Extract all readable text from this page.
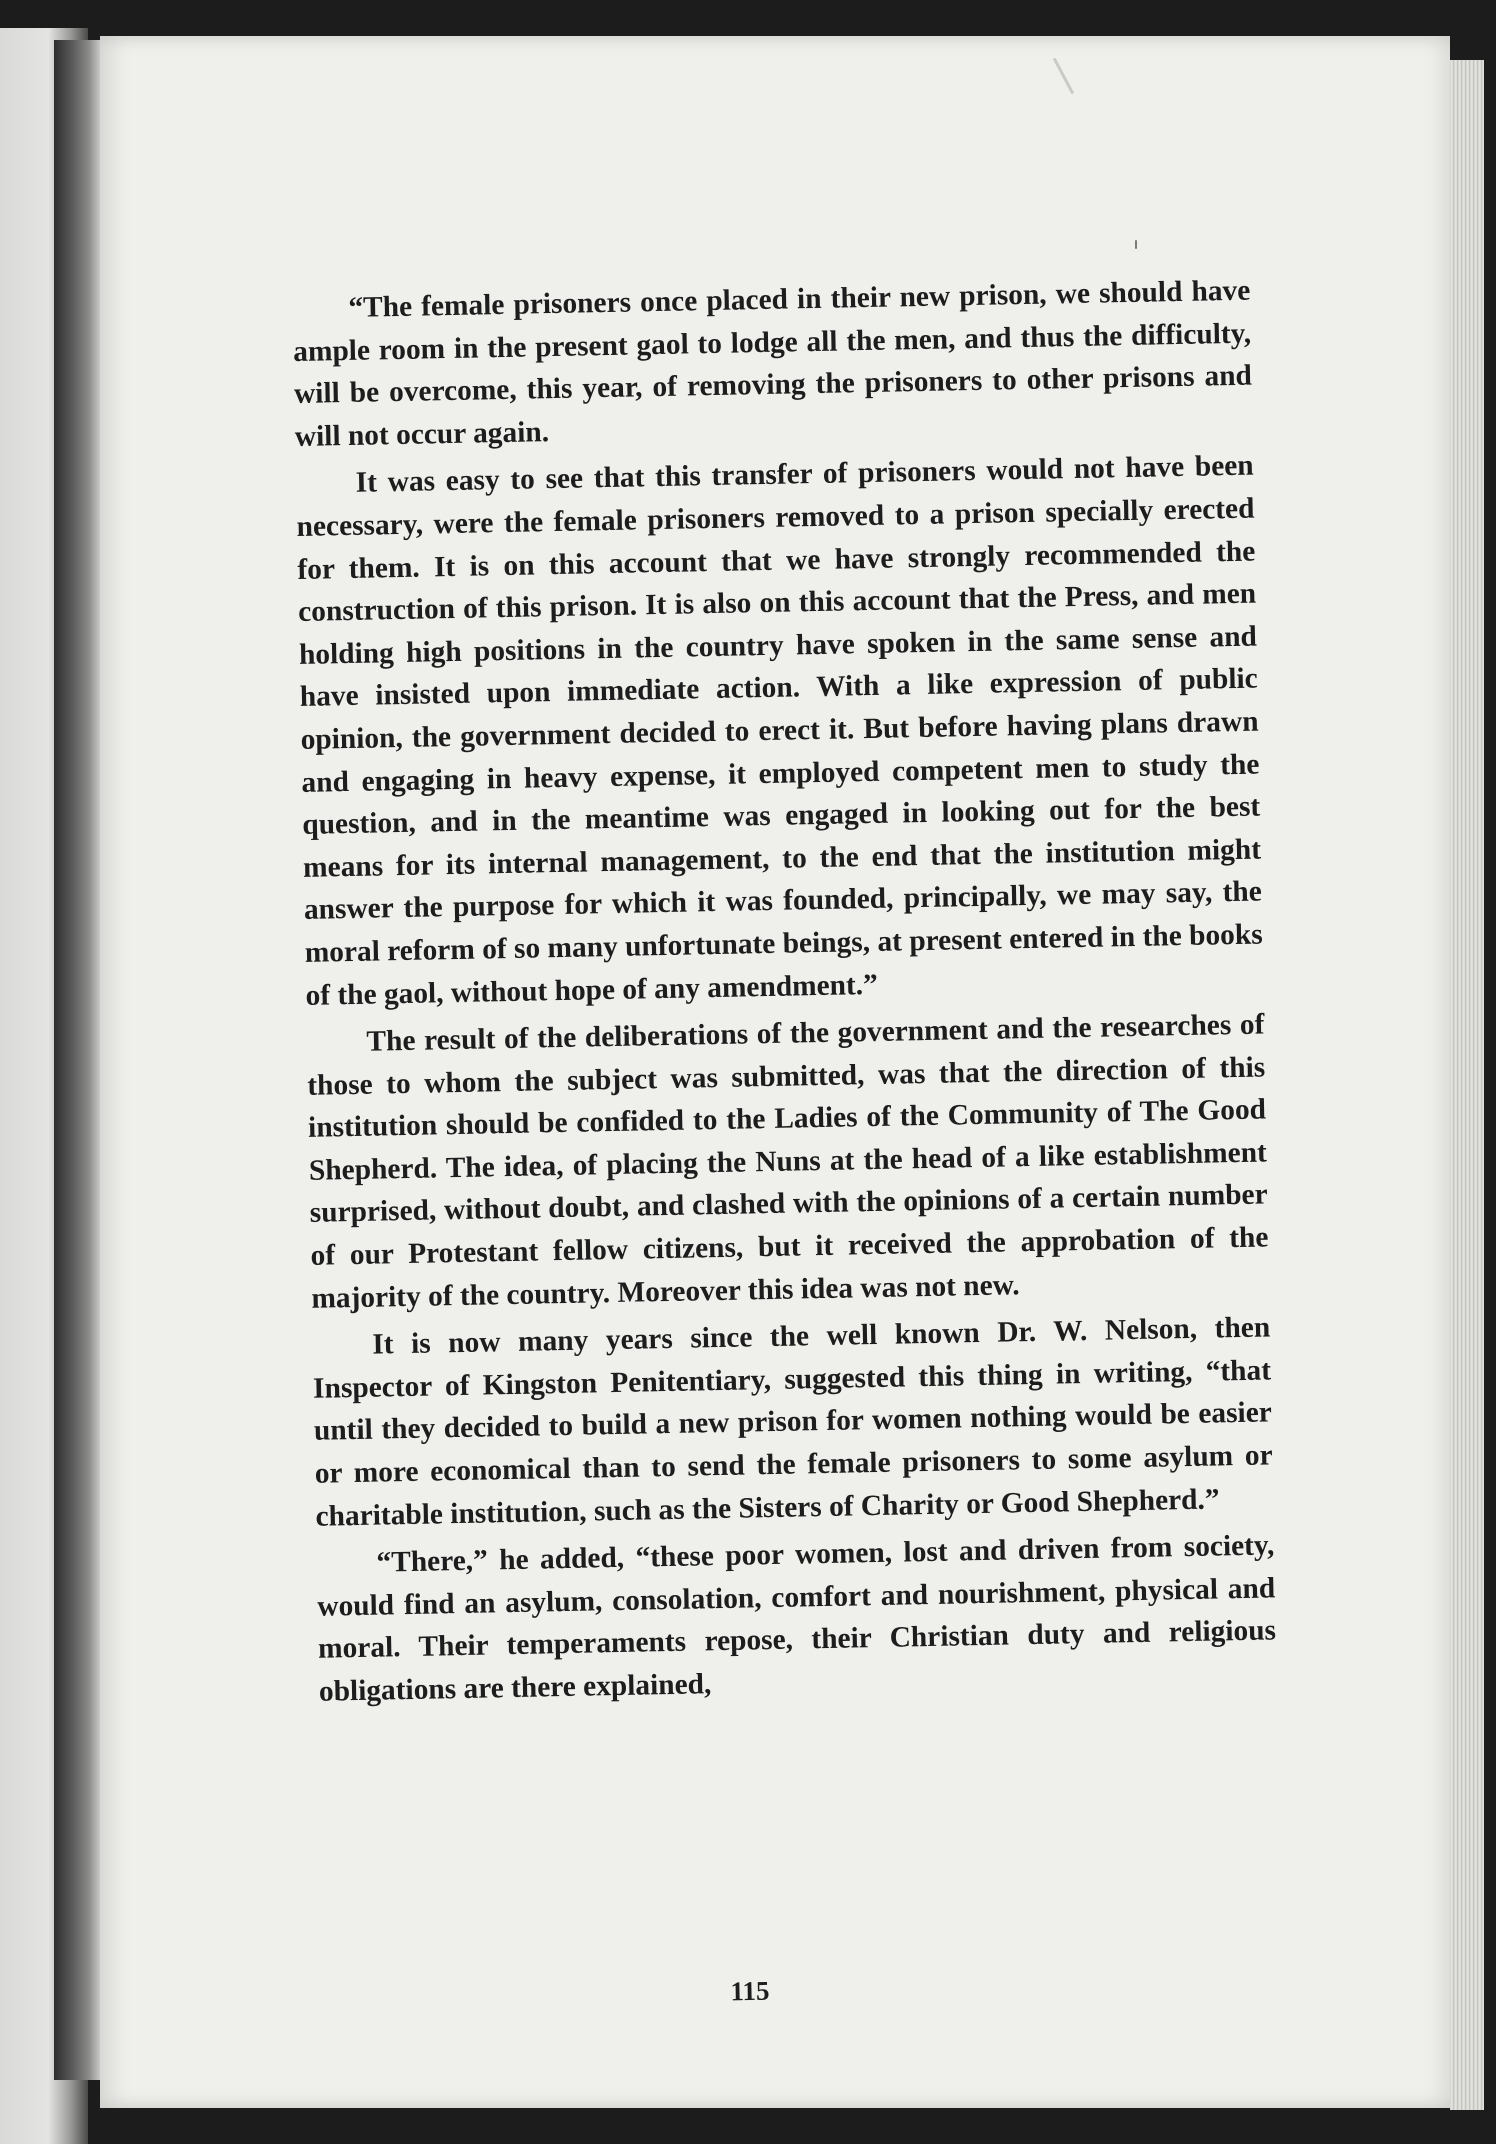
“The female prisoners once placed in their new prison, we should have ample room in the present gaol to lodge all the men, and thus the difficulty, will be overcome, this year, of removing the prisoners to other prisons and will not occur again.

It was easy to see that this transfer of prisoners would not have been necessary, were the female prisoners removed to a prison specially erected for them. It is on this account that we have strongly recommended the construction of this prison. It is also on this account that the Press, and men holding high positions in the country have spoken in the same sense and have insisted upon immediate action. With a like expression of public opinion, the government decided to erect it. But before having plans drawn and engaging in heavy expense, it employed competent men to study the question, and in the meantime was engaged in looking out for the best means for its internal management, to the end that the institution might answer the purpose for which it was founded, principally, we may say, the moral reform of so many unfortunate beings, at present entered in the books of the gaol, without hope of any amendment.”

The result of the deliberations of the government and the researches of those to whom the subject was submitted, was that the direction of this institution should be confided to the Ladies of the Community of The Good Shepherd. The idea, of placing the Nuns at the head of a like establishment surprised, without doubt, and clashed with the opinions of a certain number of our Protestant fellow citizens, but it received the approbation of the majority of the country. Moreover this idea was not new.

It is now many years since the well known Dr. W. Nelson, then Inspector of Kingston Penitentiary, suggested this thing in writing, “that until they decided to build a new prison for women nothing would be easier or more economical than to send the female prisoners to some asylum or charitable institution, such as the Sisters of Charity or Good Shepherd.”

“There,” he added, “these poor women, lost and driven from society, would find an asylum, consolation, comfort and nourishment, physical and moral. Their temperaments repose, their Christian duty and religious obligations are there explained,

115
